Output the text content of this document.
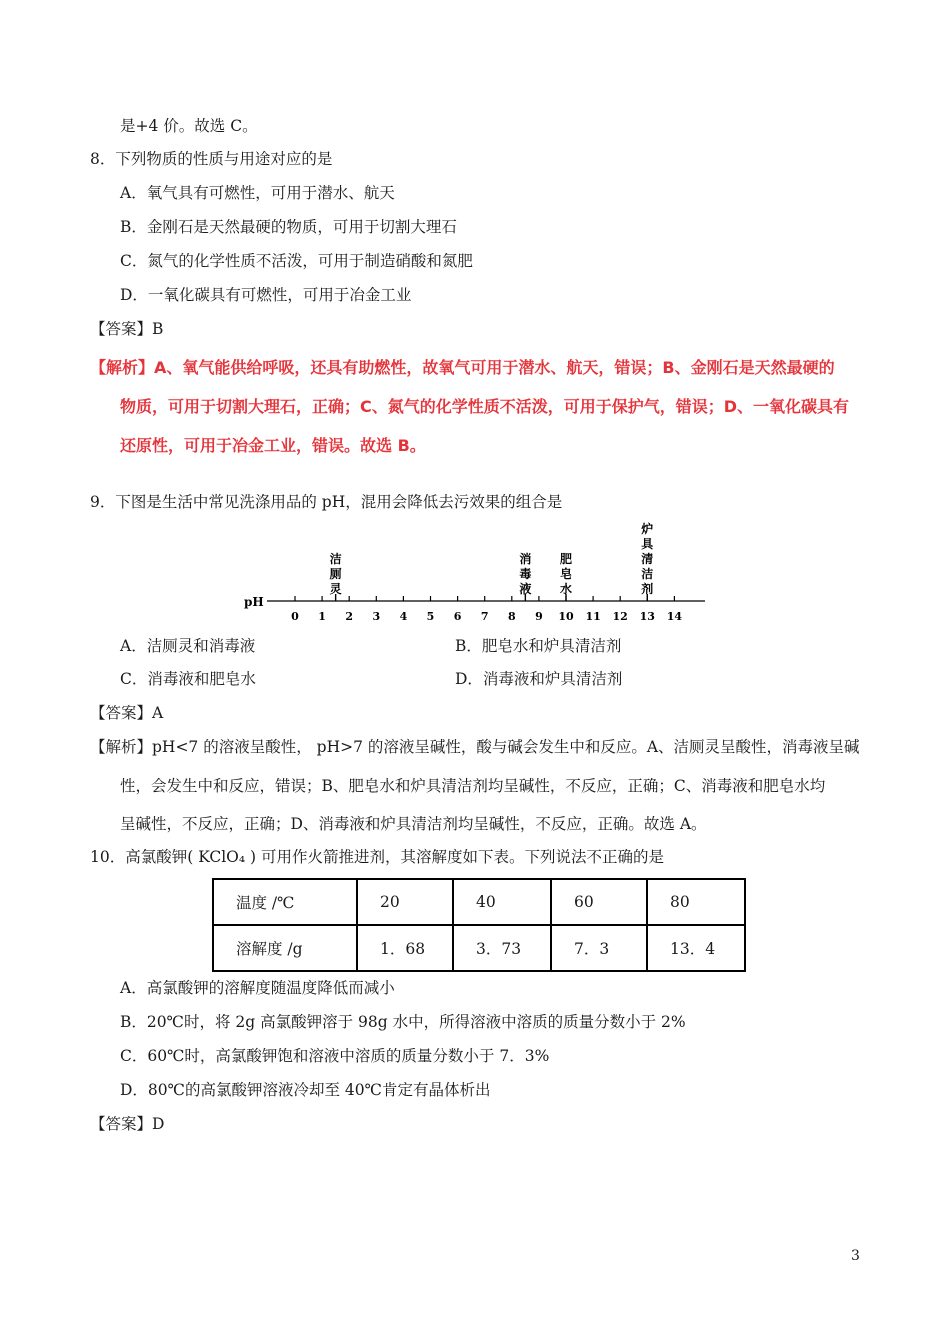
是+4 价。故选 C。
8．下列物质的性质与用途对应的是
A．氧气具有可燃性，可用于潜水、航天
B．金刚石是天然最硬的物质，可用于切割大理石
C．氮气的化学性质不活泼，可用于制造硝酸和氮肥
D．一氧化碳具有可燃性，可用于冶金工业
【答案】B
【解析】A、氧气能供给呼吸，还具有助燃性，故氧气可用于潜水、航天，错误；B、金刚石是天然最硬的
物质，可用于切割大理石，正确；C、氮气的化学性质不活泼，可用于保护气，错误；D、一氧化碳具有
还原性，可用于冶金工业，错误。故选 B。
9．下图是生活中常见洗涤用品的 pH，混用会降低去污效果的组合是
pH
0 1 2 3 4 5 6 7 8 9 10 11 12 13 14
洁
厕
灵
消
毒
液
肥
皂
水
炉
具
清
洁
剂
A．洁厕灵和消毒液	B．肥皂水和炉具清洁剂
C．消毒液和肥皂水	D．消毒液和炉具清洁剂
【答案】A
【解析】pH<7 的溶液呈酸性， pH>7 的溶液呈碱性，酸与碱会发生中和反应。A、洁厕灵呈酸性，消毒液呈碱
性，会发生中和反应，错误；B、肥皂水和炉具清洁剂均呈碱性，不反应，正确；C、消毒液和肥皂水均
呈碱性，不反应，正确；D、消毒液和炉具清洁剂均呈碱性，不反应，正确。故选 A。
10．高氯酸钾( KClO₄ ) 可用作火箭推进剂，其溶解度如下表。下列说法不正确的是
温度 /℃	20	40	60	80
溶解度 /g	1．68	3．73	7．3	13．4
A．高氯酸钾的溶解度随温度降低而减小
B．20℃时，将 2g 高氯酸钾溶于 98g 水中，所得溶液中溶质的质量分数小于 2%
C．60℃时，高氯酸钾饱和溶液中溶质的质量分数小于 7．3%
D．80℃的高氯酸钾溶液冷却至 40℃肯定有晶体析出
【答案】D
3
